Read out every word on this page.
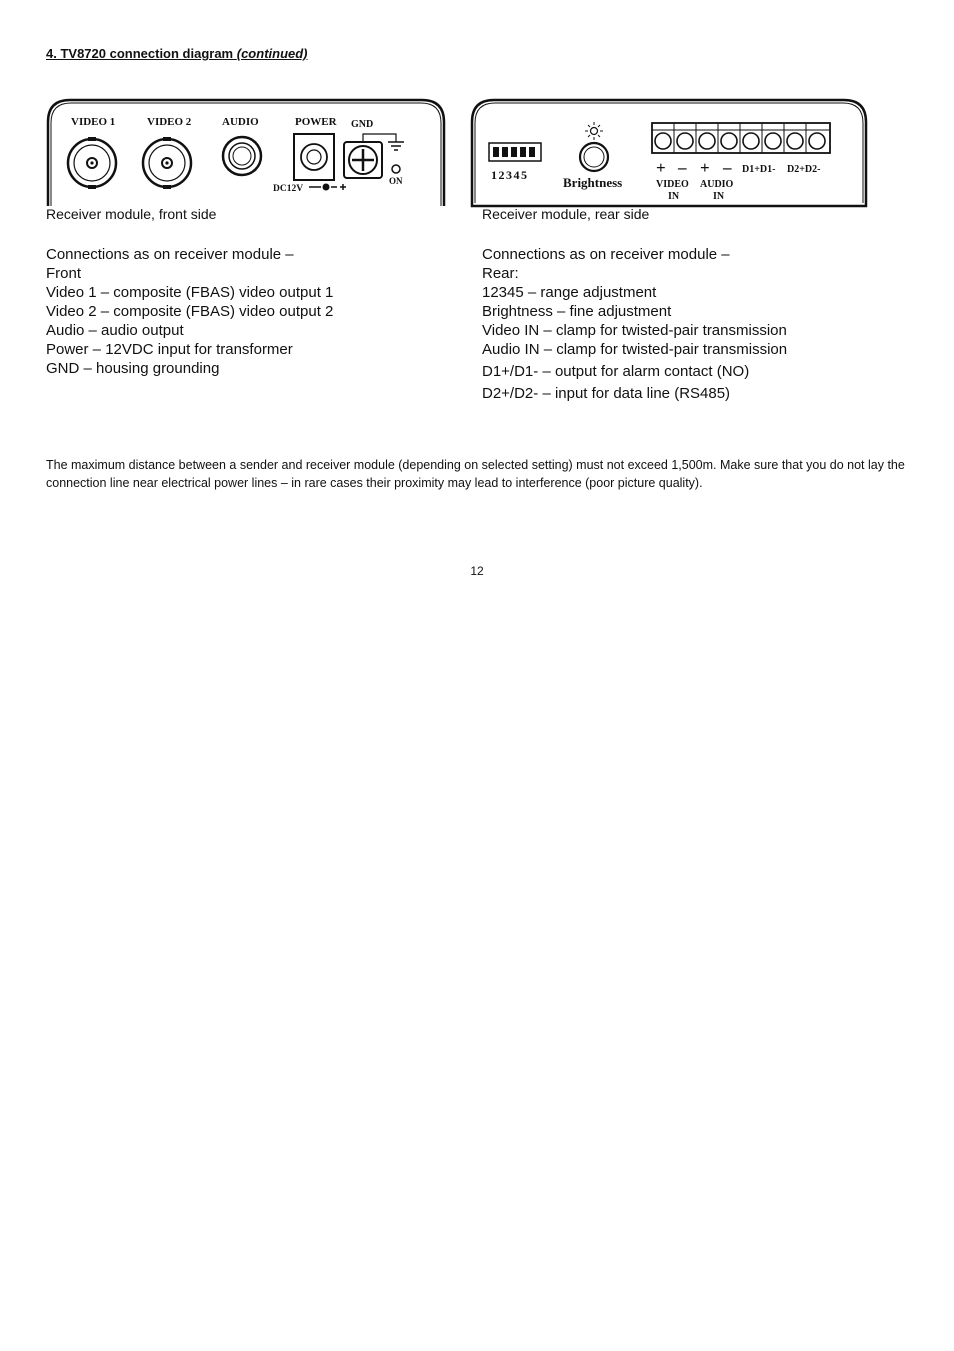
4. TV8720 connection diagram (continued)
VIDEO 1	VIDEO 2	AUDIO	POWER GND
DC12V
ON
Receiver module, front side
12345	Brightness
+ – + – D1+D1- D2+D2-
VIDEO
IN
AUDIO
IN
Receiver module, rear side
Connections as on receiver module –
Front
Video 1 – composite (FBAS) video output 1
Video 2 – composite (FBAS) video output 2
Audio – audio output
Power – 12VDC input for transformer
GND – housing grounding
Connections as on receiver module –
Rear:
12345 – range adjustment
Brightness – fine adjustment
Video IN – clamp for twisted-pair transmission
Audio IN – clamp for twisted-pair transmission
D1+/D1- – output for alarm contact (NO)
D2+/D2- – input for data line (RS485)
The maximum distance between a sender and receiver module (depending on selected setting) must not exceed 1,500m. Make sure that you do not lay the connection line near electrical power lines – in rare cases their proximity may lead to interference (poor picture quality).
12
